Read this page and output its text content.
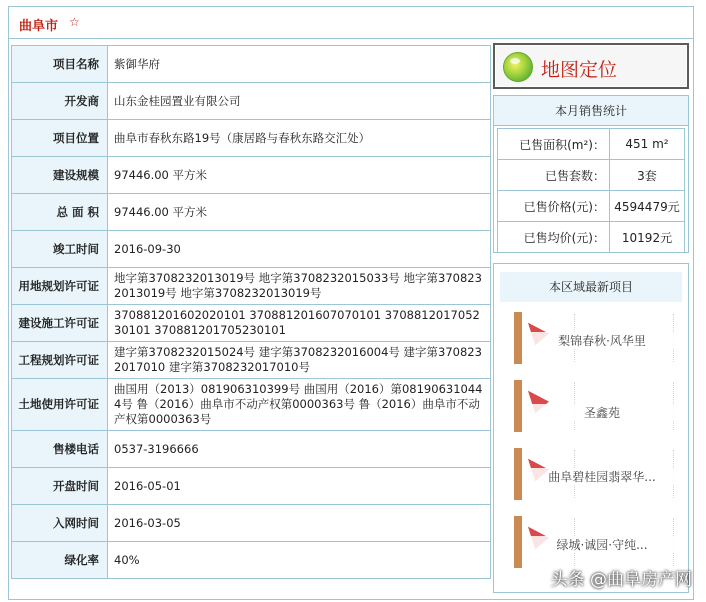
曲阜市 ☆
项目名称	紫御华府
开发商	山东金桂园置业有限公司
项目位置	曲阜市春秋东路19号（康居路与春秋东路交汇处）
建设规模	97446.00 平方米
总 面 积	97446.00 平方米
竣工时间	2016-09-30
用地规划许可证	地字第3708232013019号 地字第3708232015033号 地字第3708232013019号 地字第3708232013019号
建设施工许可证	370881201602020101 370881201607070101 370881201705230101 370881201705230101
工程规划许可证	建字第3708232015024号 建字第3708232016004号 建字第3708232017010 建字第3708232017010号
土地使用许可证	曲国用（2013）081906310399号 曲国用（2016）第081906310444号 鲁（2016）曲阜市不动产权第0000363号 鲁（2016）曲阜市不动产权第0000363号
售楼电话	0537-3196666
开盘时间	2016-05-01
入网时间	2016-03-05
绿化率	40%
地图定位
本月销售统计
已售面积(m²)：	451 m²
已售套数：	3套
已售价格(元)：	4594479元
已售均价(元)：	10192元
本区域最新项目
梨锦春秋·风华里
圣鑫苑
曲阜碧桂园翡翠华...
绿城·诚园·守纯...
头条 @曲阜房产网
